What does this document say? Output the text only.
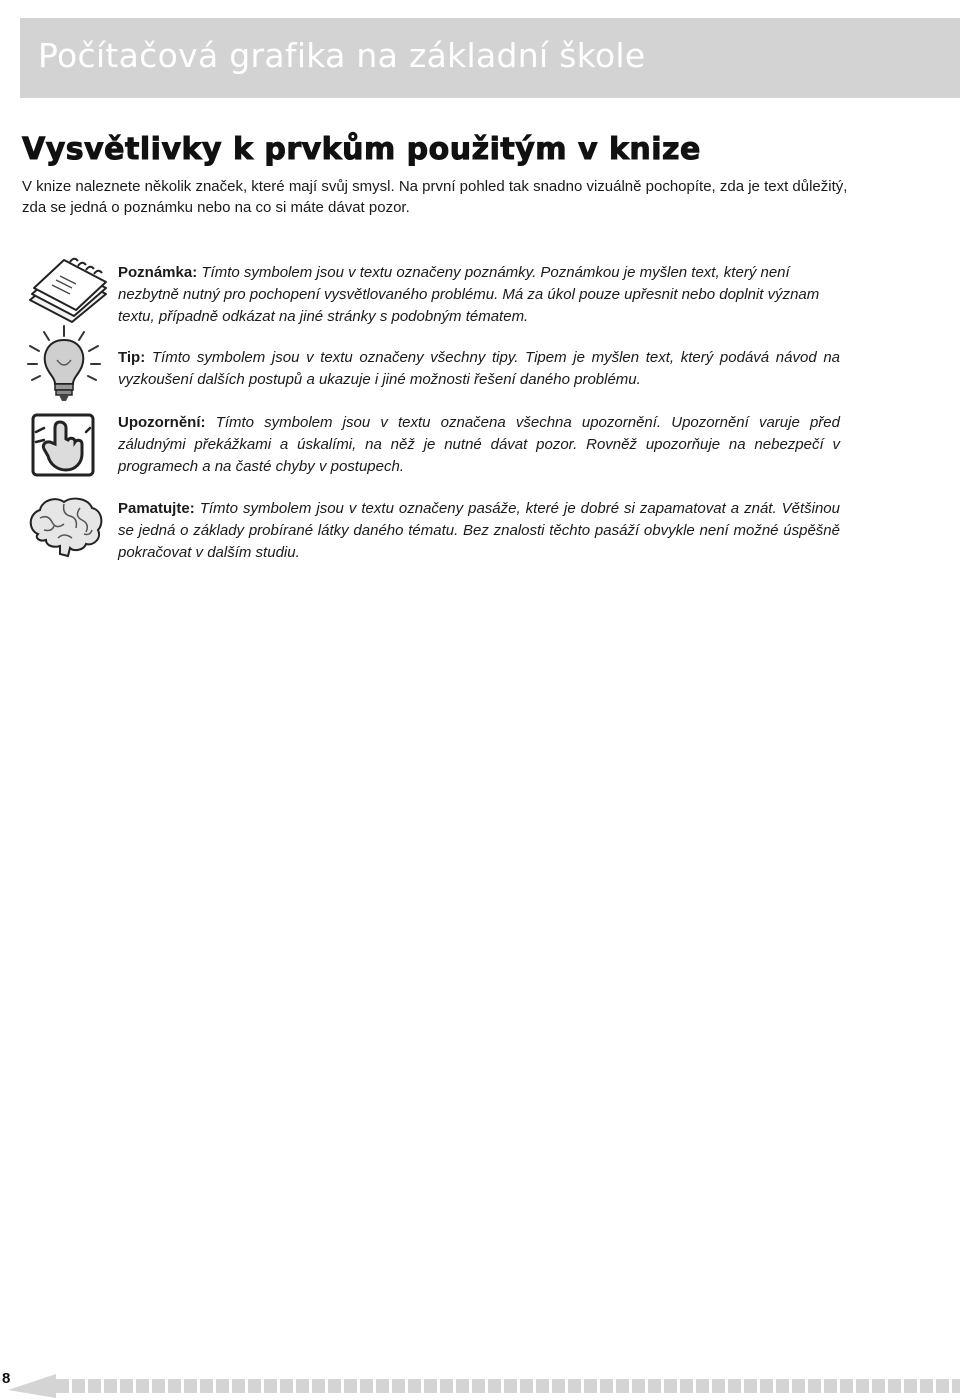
Počítačová grafika na základní škole
Vysvětlivky k prvkům použitým v knize

V knize naleznete několik značek, které mají svůj smysl. Na první pohled tak snadno vizuálně pochopíte, zda je text důležitý, zda se jedná o poznámku nebo na co si máte dávat pozor.

Poznámka: Tímto symbolem jsou v textu označeny poznámky. Poznámkou je myšlen text, který není nezbytně nutný pro pochopení vysvětlovaného problému. Má za úkol pouze upřesnit nebo doplnit význam textu, případně odkázat na jiné stránky s podobným tématem.

Tip: Tímto symbolem jsou v textu označeny všechny tipy. Tipem je myšlen text, který podává návod na vyzkoušení dalších postupů a ukazuje i jiné možnosti řešení daného problému.

Upozornění: Tímto symbolem jsou v textu označena všechna upozornění. Upozornění varuje před záludnými překážkami a úskalími, na něž je nutné dávat pozor. Rovněž upozorňuje na nebezpečí v programech a na časté chyby v postupech.

Pamatujte: Tímto symbolem jsou v textu označeny pasáže, které je dobré si zapamatovat a znát. Většinou se jedná o základy probírané látky daného tématu. Bez znalosti těchto pasáží obvykle není možné úspěšně pokračovat v dalším studiu.

8
